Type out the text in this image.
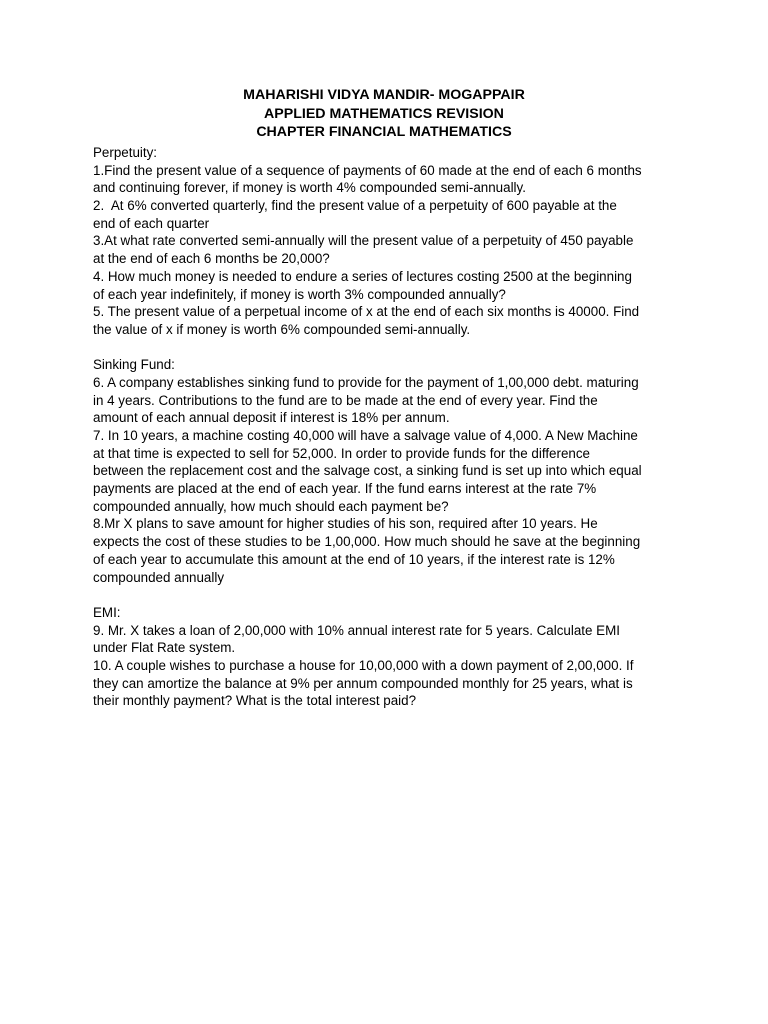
MAHARISHI VIDYA MANDIR- MOGAPPAIR
APPLIED MATHEMATICS REVISION
CHAPTER FINANCIAL MATHEMATICS
Perpetuity:
1.Find the present value of a sequence of payments of 60 made at the end of each 6 months
and continuing forever, if money is worth 4% compounded semi-annually.
2.  At 6% converted quarterly, find the present value of a perpetuity of 600 payable at the
end of each quarter
3.At what rate converted semi-annually will the present value of a perpetuity of 450 payable
at the end of each 6 months be 20,000?
4. How much money is needed to endure a series of lectures costing 2500 at the beginning
of each year indefinitely, if money is worth 3% compounded annually?
5. The present value of a perpetual income of x at the end of each six months is 40000. Find
the value of x if money is worth 6% compounded semi-annually.
Sinking Fund:
6. A company establishes sinking fund to provide for the payment of 1,00,000 debt. maturing
in 4 years. Contributions to the fund are to be made at the end of every year. Find the
amount of each annual deposit if interest is 18% per annum.
7. In 10 years, a machine costing 40,000 will have a salvage value of 4,000. A New Machine
at that time is expected to sell for 52,000. In order to provide funds for the difference
between the replacement cost and the salvage cost, a sinking fund is set up into which equal
payments are placed at the end of each year. If the fund earns interest at the rate 7%
compounded annually, how much should each payment be?
8.Mr X plans to save amount for higher studies of his son, required after 10 years. He
expects the cost of these studies to be 1,00,000. How much should he save at the beginning
of each year to accumulate this amount at the end of 10 years, if the interest rate is 12%
compounded annually
EMI:
9. Mr. X takes a loan of 2,00,000 with 10% annual interest rate for 5 years. Calculate EMI
under Flat Rate system.
10. A couple wishes to purchase a house for 10,00,000 with a down payment of 2,00,000. If
they can amortize the balance at 9% per annum compounded monthly for 25 years, what is
their monthly payment? What is the total interest paid?
